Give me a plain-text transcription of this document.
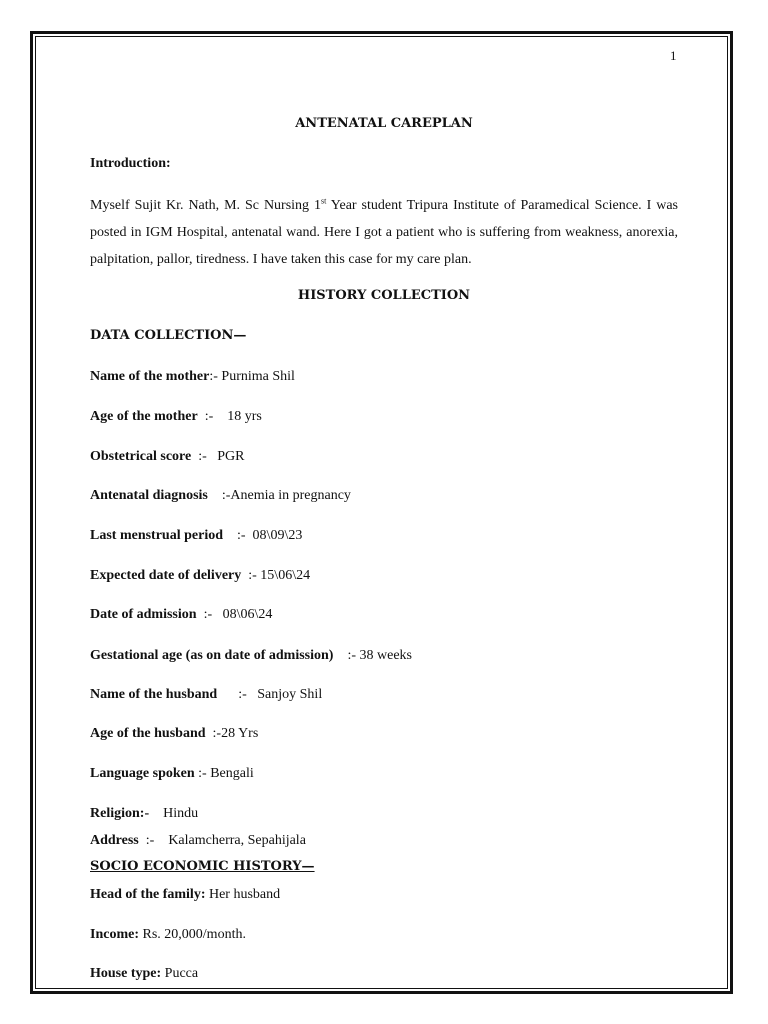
1
ANTENATAL CAREPLAN
Introduction:
Myself Sujit Kr. Nath, M. Sc Nursing 1st Year student Tripura Institute of Paramedical Science. I was posted in IGM Hospital, antenatal wand. Here I got a patient who is suffering from weakness, anorexia, palpitation, pallor, tiredness. I have taken this case for my care plan.
HISTORY COLLECTION
DATA COLLECTION—
Name of the mother:- Purnima Shil
Age of the mother  :-    18 yrs
Obstetrical score  :-   PGR
Antenatal diagnosis    :-Anemia in pregnancy
Last menstrual period    :-  08\09\23
Expected date of delivery  :- 15\06\24
Date of admission  :-   08\06\24
Gestational age (as on date of admission)    :- 38 weeks
Name of the husband      :-   Sanjoy Shil
Age of the husband  :-28 Yrs
Language spoken :- Bengali
Religion:-    Hindu
Address  :-    Kalamcherra, Sepahijala
SOCIO ECONOMIC HISTORY—
Head of the family: Her husband
Income: Rs. 20,000/month.
House type: Pucca
